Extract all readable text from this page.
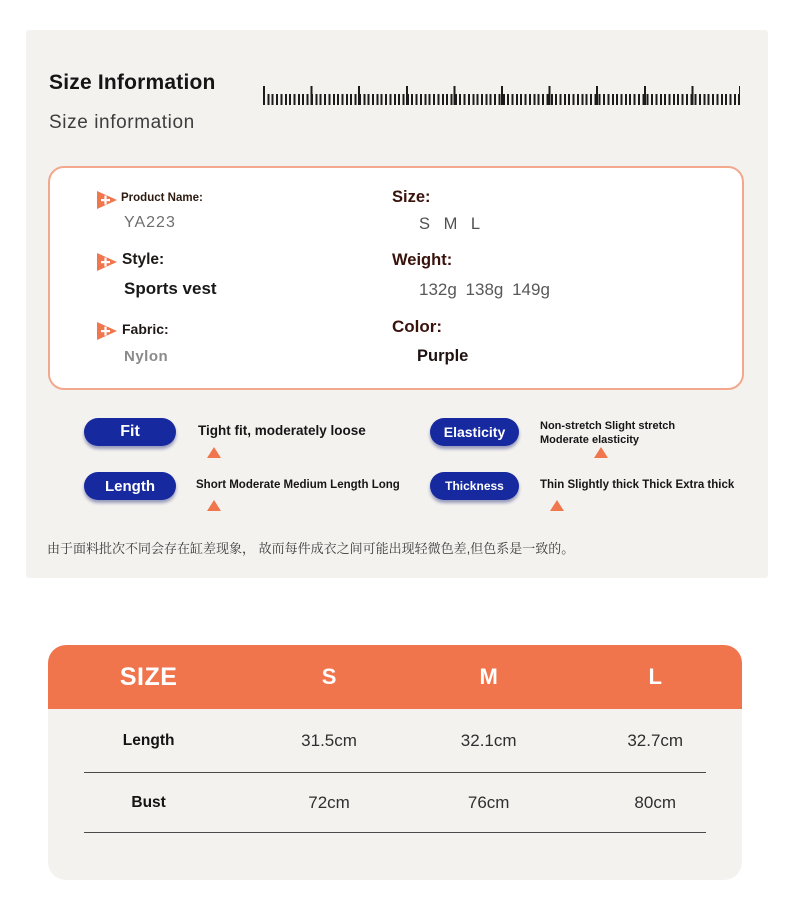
Size Information
Size information
Product Name:
YA223
Style:
Sports vest
Fabric:
Nylon
Size:
S M L
Weight:
132g 138g 149g
Color:
Purple
Fit	Tight fit, moderately loose	Elasticity	Non-stretch Slight stretch
Moderate elasticity
Length	Short Moderate Medium Length Long	Thickness	Thin Slightly thick Thick Extra thick
由于面料批次不同会存在缸差现象， 故而每件成衣之间可能出现轻微色差,但色系是一致的。
SIZE	S	M	L
Length	31.5cm	32.1cm	32.7cm
Bust	72cm	76cm	80cm
